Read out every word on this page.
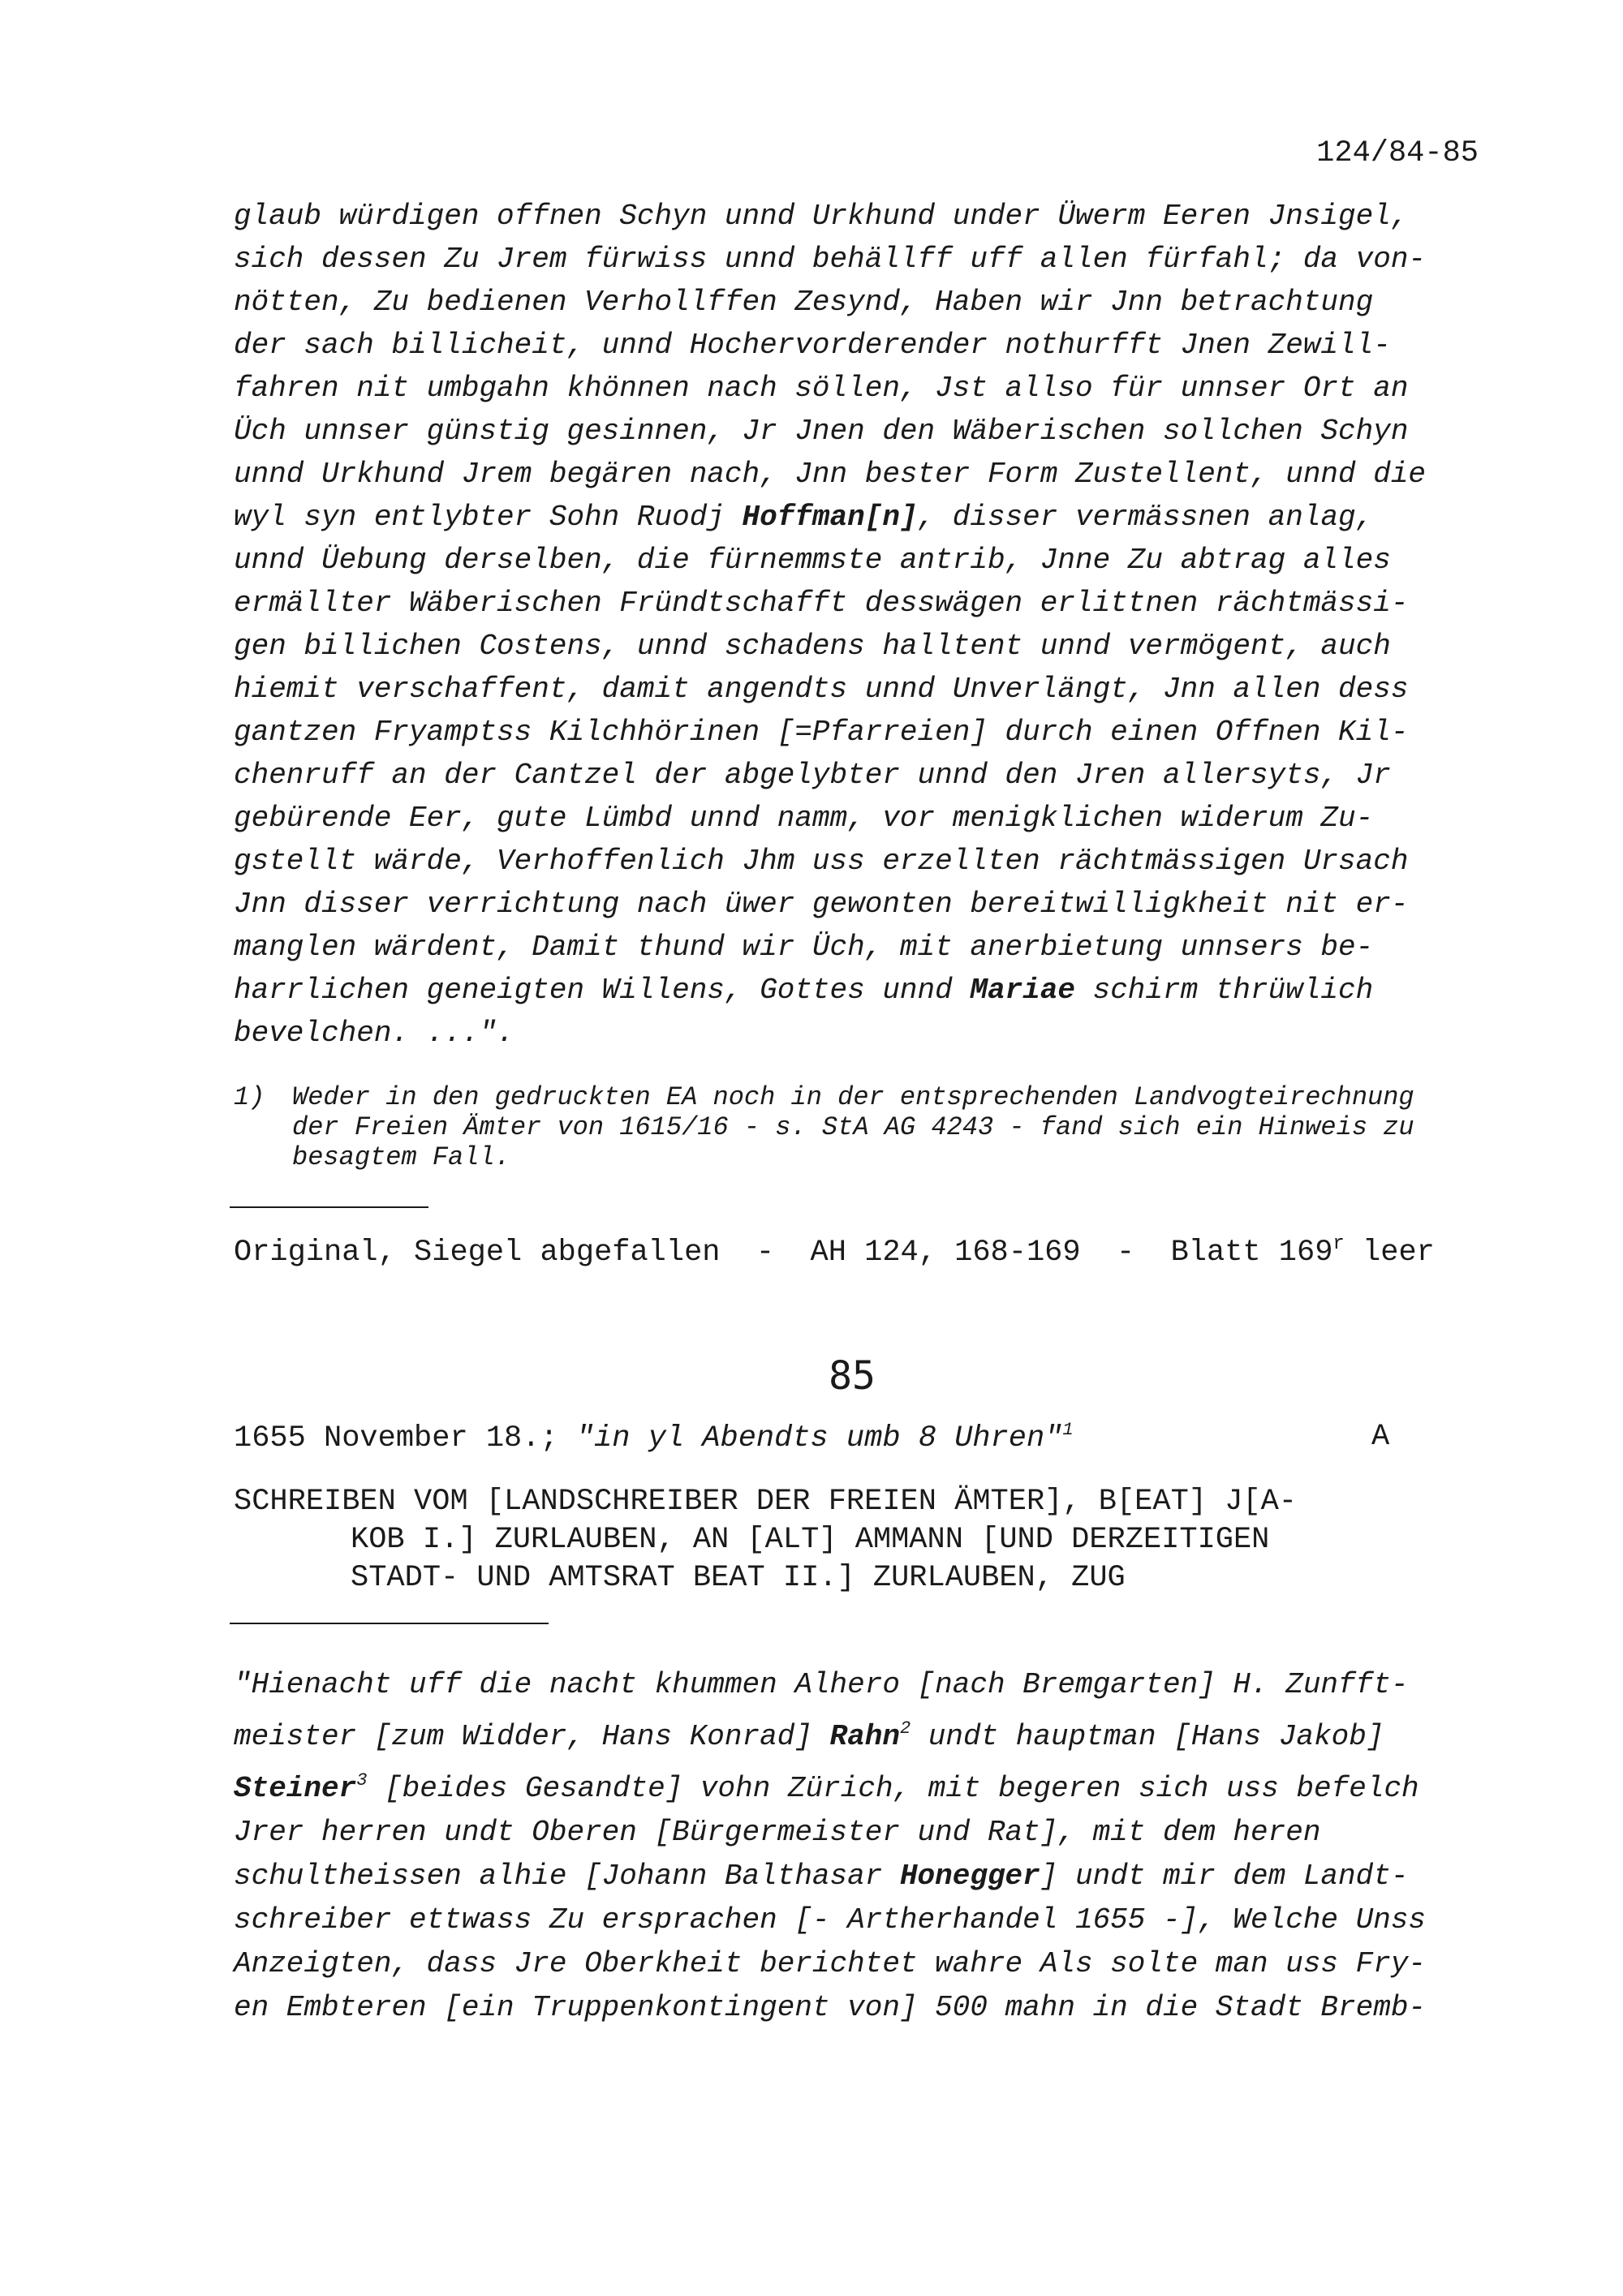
124/84-85
glaub würdigen offnen Schyn unnd Urkhund under Üwerm Eeren Jnsigel,
sich dessen Zu Jrem fürwiss unnd behällff uff allen fürfahl; da von-
nötten, Zu bedienen Verhollffen Zesynd, Haben wir Jnn betrachtung
der sach billicheit, unnd Hochervorderender nothurfft Jnen Zewill-
fahren nit umbgahn khönnen nach söllen, Jst allso für unnser Ort an
Üch unnser günstig gesinnen, Jr Jnen den Wäberischen sollchen Schyn
unnd Urkhund Jrem begären nach, Jnn bester Form Zustellent, unnd die
wyl syn entlybter Sohn Ruodj Hoffman[n], disser vermässnen anlag,
unnd Üebung derselben, die fürnemmste antrib, Jnne Zu abtrag alles
ermällter Wäberischen Fründtschafft desswägen erlittnen rächtmässi-
gen billichen Costens, unnd schadens halltent unnd vermögent, auch
hiemit verschaffent, damit angendts unnd Unverlängt, Jnn allen dess
gantzen Fryamptss Kilchhörinen [=Pfarreien] durch einen Offnen Kil-
chenruff an der Cantzel der abgelybter unnd den Jren allersyts, Jr
gebürende Eer, gute Lümbd unnd namm, vor menigklichen widerum Zu-
gstellt wärde, Verhoffenlich Jhm uss erzellten rächtmässigen Ursach
Jnn disser verrichtung nach üwer gewonten bereitwilligkheit nit er-
manglen wärdent, Damit thund wir Üch, mit anerbietung unnsers be-
harrlichen geneigten Willens, Gottes unnd Mariae schirm thrüwlich
bevelchen. ...".
1) Weder in den gedruckten EA noch in der entsprechenden Landvogteirechnung
der Freien Ämter von 1615/16 - s. StA AG 4243 - fand sich ein Hinweis zu
besagtem Fall.
Original, Siegel abgefallen  -  AH 124, 168-169  -  Blatt 169$^r$ leer
85
1655 November 18.; "in yl Abendts umb 8 Uhren"$^1$	A
SCHREIBEN VOM [LANDSCHREIBER DER FREIEN ÄMTER], B[EAT] J[A-
KOB I.] ZURLAUBEN, AN [ALT] AMMANN [UND DERZEITIGEN
STADT- UND AMTSRAT BEAT II.] ZURLAUBEN, ZUG
"Hienacht uff die nacht khummen Alhero [nach Bremgarten] H. Zunfft-
meister [zum Widder, Hans Konrad] Rahn$^2$ undt hauptman [Hans Jakob]
Steiner$^3$ [beides Gesandte] vohn Zürich, mit begeren sich uss befelch
Jrer herren undt Oberen [Bürgermeister und Rat], mit dem heren
schultheissen alhie [Johann Balthasar Honegger] undt mir dem Landt-
schreiber ettwass Zu ersprachen [- Artherhandel 1655 -], Welche Unss
Anzeigten, dass Jre Oberkheit berichtet wahre Als solte man uss Fry-
en Embteren [ein Truppenkontingent von] 500 mahn in die Stadt Bremb-
